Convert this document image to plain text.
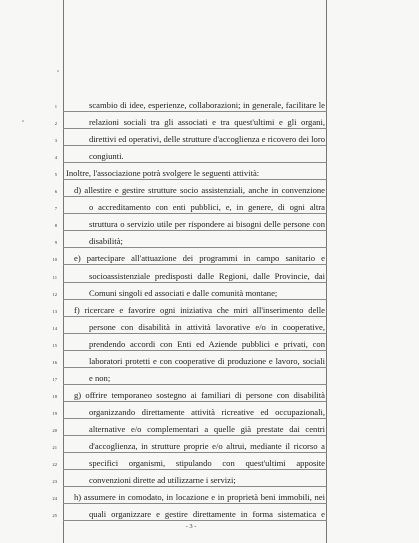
1	scambio di idee, esperienze, collaborazioni; in generale, facilitare le
2	relazioni sociali tra gli associati e tra quest'ultimi e gli organi,
3	direttivi ed operativi, delle strutture d'accoglienza e ricovero dei loro
4	congiunti.
5 Inoltre, l'associazione potrà svolgere le seguenti attività:
6 d) allestire e gestire strutture socio assistenziali, anche in convenzione
7	o accreditamento con enti pubblici, e, in genere, di ogni altra
8	struttura o servizio utile per rispondere ai bisogni delle persone con
9	disabilità;
10 e) partecipare all'attuazione dei programmi in campo sanitario e
11	socioassistenziale predisposti dalle Regioni, dalle Provincie, dai
12	Comuni singoli ed associati e dalle comunità montane;
13 f) ricercare e favorire ogni iniziativa che miri all'inserimento delle
14	persone con disabilità in attività lavorative e/o in cooperative,
15	prendendo accordi con Enti ed Aziende pubblici e privati, con
16	laboratori protetti e con cooperative di produzione e lavoro, sociali
17	e non;
18 g) offrire temporaneo sostegno ai familiari di persone con disabilità
19	organizzando direttamente attività ricreative ed occupazionali,
20	alternative e/o complementari a quelle già prestate dai centri
21	d'accoglienza, in strutture proprie e/o altrui, mediante il ricorso a
22	specifici organismi, stipulando con quest'ultimi apposite
23	convenzioni dirette ad utilizzarne i servizi;
24 h) assumere in comodato, in locazione e in proprietà beni immobili, nei
25	quali organizzare e gestire direttamente in forma sistematica e
- 3 -
